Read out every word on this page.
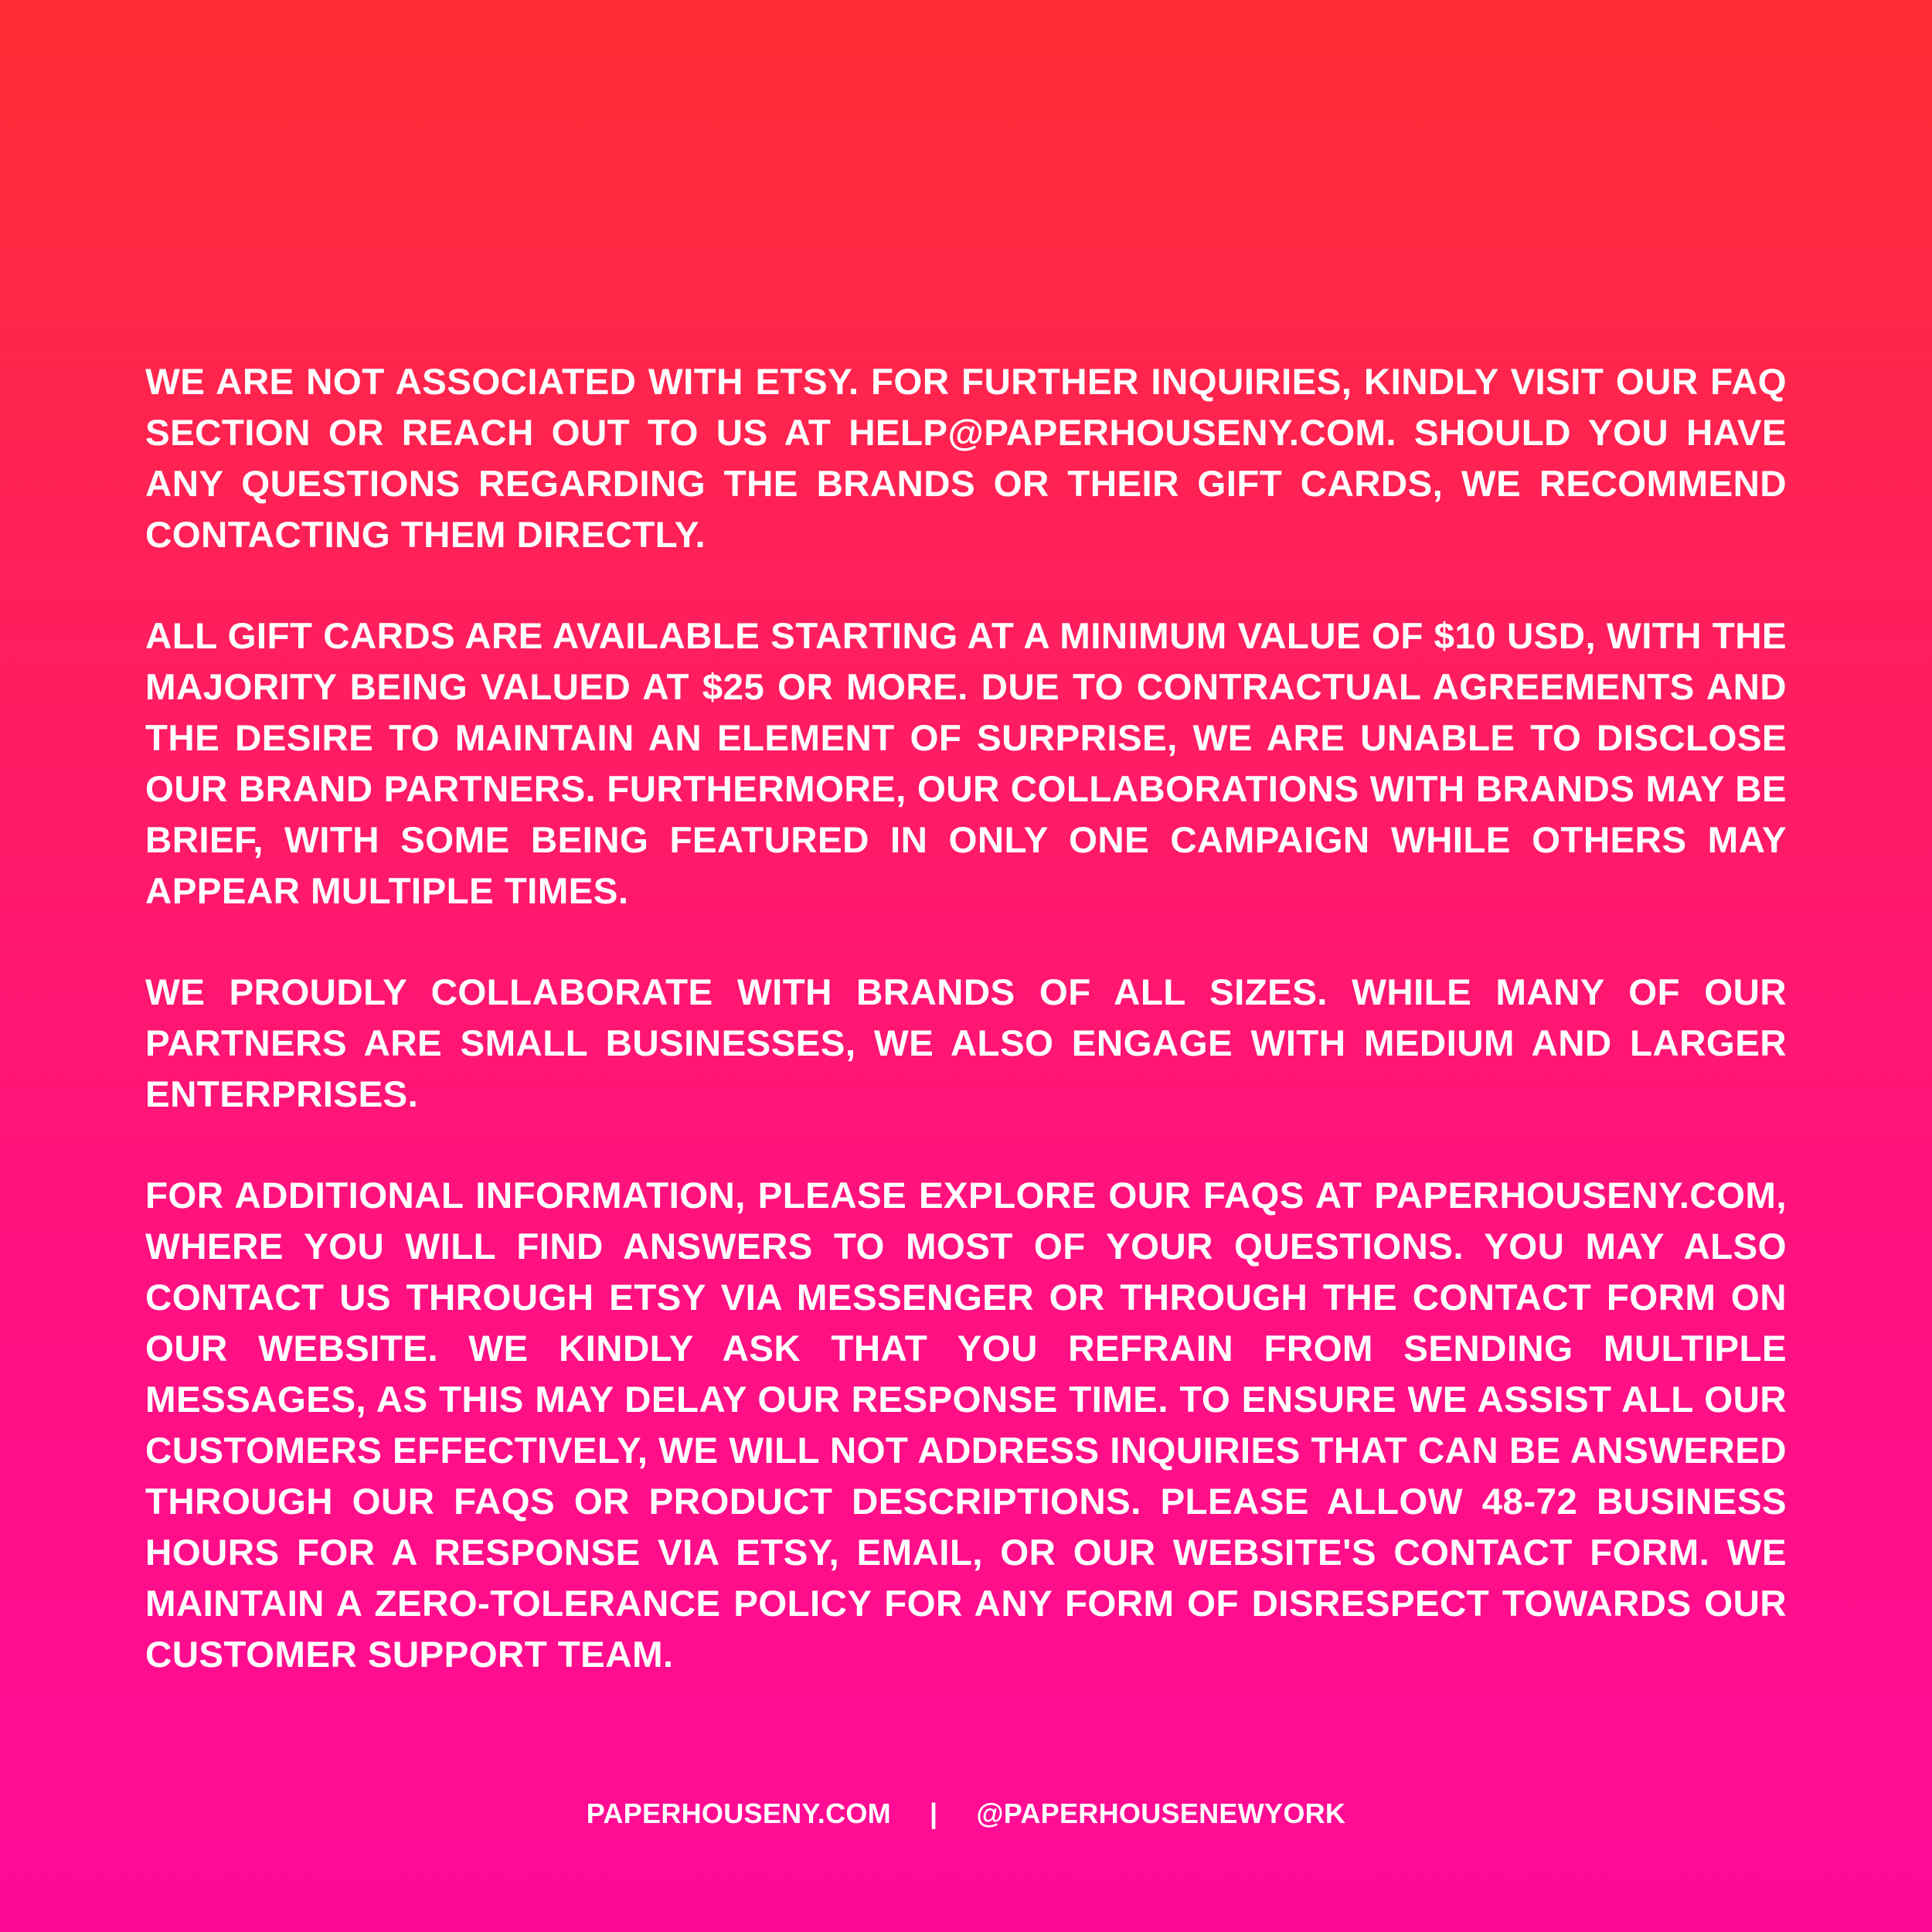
WE ARE NOT ASSOCIATED WITH ETSY. FOR FURTHER INQUIRIES, KINDLY VISIT OUR FAQ SECTION OR REACH OUT TO US AT HELP@PAPERHOUSENY.COM. SHOULD YOU HAVE ANY QUESTIONS REGARDING THE BRANDS OR THEIR GIFT CARDS, WE RECOMMEND CONTACTING THEM DIRECTLY.

ALL GIFT CARDS ARE AVAILABLE STARTING AT A MINIMUM VALUE OF $10 USD, WITH THE MAJORITY BEING VALUED AT $25 OR MORE. DUE TO CONTRACTUAL AGREEMENTS AND THE DESIRE TO MAINTAIN AN ELEMENT OF SURPRISE, WE ARE UNABLE TO DISCLOSE OUR BRAND PARTNERS. FURTHERMORE, OUR COLLABORATIONS WITH BRANDS MAY BE BRIEF, WITH SOME BEING FEATURED IN ONLY ONE CAMPAIGN WHILE OTHERS MAY APPEAR MULTIPLE TIMES.

WE PROUDLY COLLABORATE WITH BRANDS OF ALL SIZES. WHILE MANY OF OUR PARTNERS ARE SMALL BUSINESSES, WE ALSO ENGAGE WITH MEDIUM AND LARGER ENTERPRISES.

FOR ADDITIONAL INFORMATION, PLEASE EXPLORE OUR FAQS AT PAPERHOUSENY.COM, WHERE YOU WILL FIND ANSWERS TO MOST OF YOUR QUESTIONS. YOU MAY ALSO CONTACT US THROUGH ETSY VIA MESSENGER OR THROUGH THE CONTACT FORM ON OUR WEBSITE. WE KINDLY ASK THAT YOU REFRAIN FROM SENDING MULTIPLE MESSAGES, AS THIS MAY DELAY OUR RESPONSE TIME. TO ENSURE WE ASSIST ALL OUR CUSTOMERS EFFECTIVELY, WE WILL NOT ADDRESS INQUIRIES THAT CAN BE ANSWERED THROUGH OUR FAQS OR PRODUCT DESCRIPTIONS. PLEASE ALLOW 48-72 BUSINESS HOURS FOR A RESPONSE VIA ETSY, EMAIL, OR OUR WEBSITE'S CONTACT FORM. WE MAINTAIN A ZERO-TOLERANCE POLICY FOR ANY FORM OF DISRESPECT TOWARDS OUR CUSTOMER SUPPORT TEAM.

PAPERHOUSENY.COM | @PAPERHOUSENEWYORK
